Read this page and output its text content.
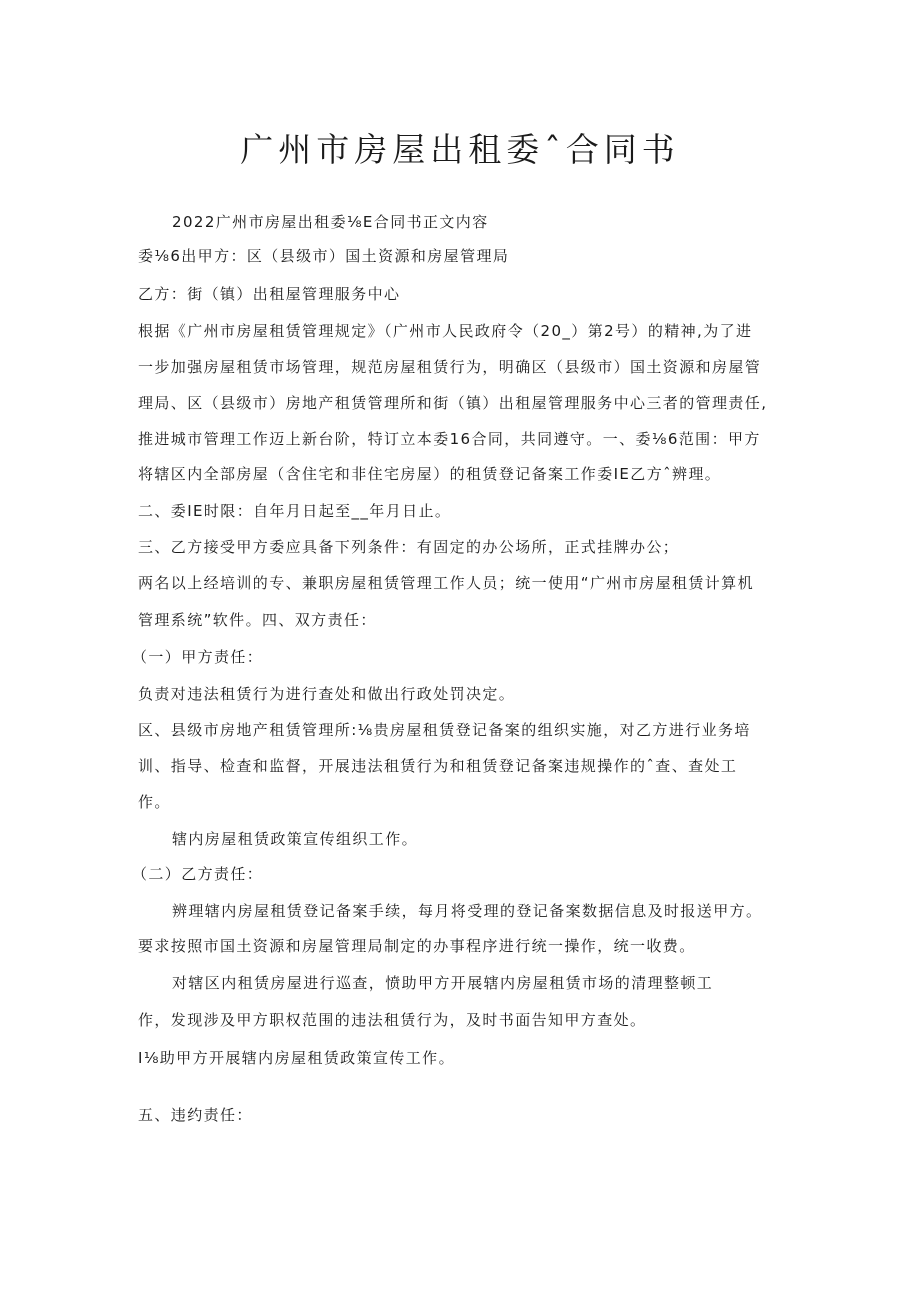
广州市房屋出租委ˆ合同书

2022广州市房屋出租委⅛E合同书正文内容

委⅛6出甲方：区（县级市）国土资源和房屋管理局

乙方：街（镇）出租屋管理服务中心

根据《广州市房屋租赁管理规定》（广州市人民政府令（20_）第2号）的精神,为了进

一步加强房屋租赁市场管理，规范房屋租赁行为，明确区（县级市）国土资源和房屋管

理局、区（县级市）房地产租赁管理所和街（镇）出租屋管理服务中心三者的管理责任,

推进城市管理工作迈上新台阶，特订立本委16合同，共同遵守。一、委⅛6范围：甲方

将辖区内全部房屋（含住宅和非住宅房屋）的租赁登记备案工作委IE乙方ˆ辨理。

二、委IE时限：自年月日起至__年月日止。

三、乙方接受甲方委应具备下列条件：有固定的办公场所，正式挂牌办公；

两名以上经培训的专、兼职房屋租赁管理工作人员；统一使用“广州市房屋租赁计算机

管理系统”软件。四、双方责任：

（一）甲方责任：

负责对违法租赁行为进行查处和做出行政处罚决定。

区、县级市房地产租赁管理所:⅛贵房屋租赁登记备案的组织实施，对乙方进行业务培

训、指导、检查和监督，开展违法租赁行为和租赁登记备案违规操作的ˆ查、查处工

作。

辖内房屋租赁政策宣传组织工作。

（二）乙方责任：

辨理辖内房屋租赁登记备案手续，每月将受理的登记备案数据信息及时报送甲方。

要求按照市国土资源和房屋管理局制定的办事程序进行统一操作，统一收费。

对辖区内租赁房屋进行巡查，愤助甲方开展辖内房屋租赁市场的清理整顿工

作，发现涉及甲方职权范围的违法租赁行为，及时书面告知甲方查处。

I⅛助甲方开展辖内房屋租赁政策宣传工作。

五、违约责任：
